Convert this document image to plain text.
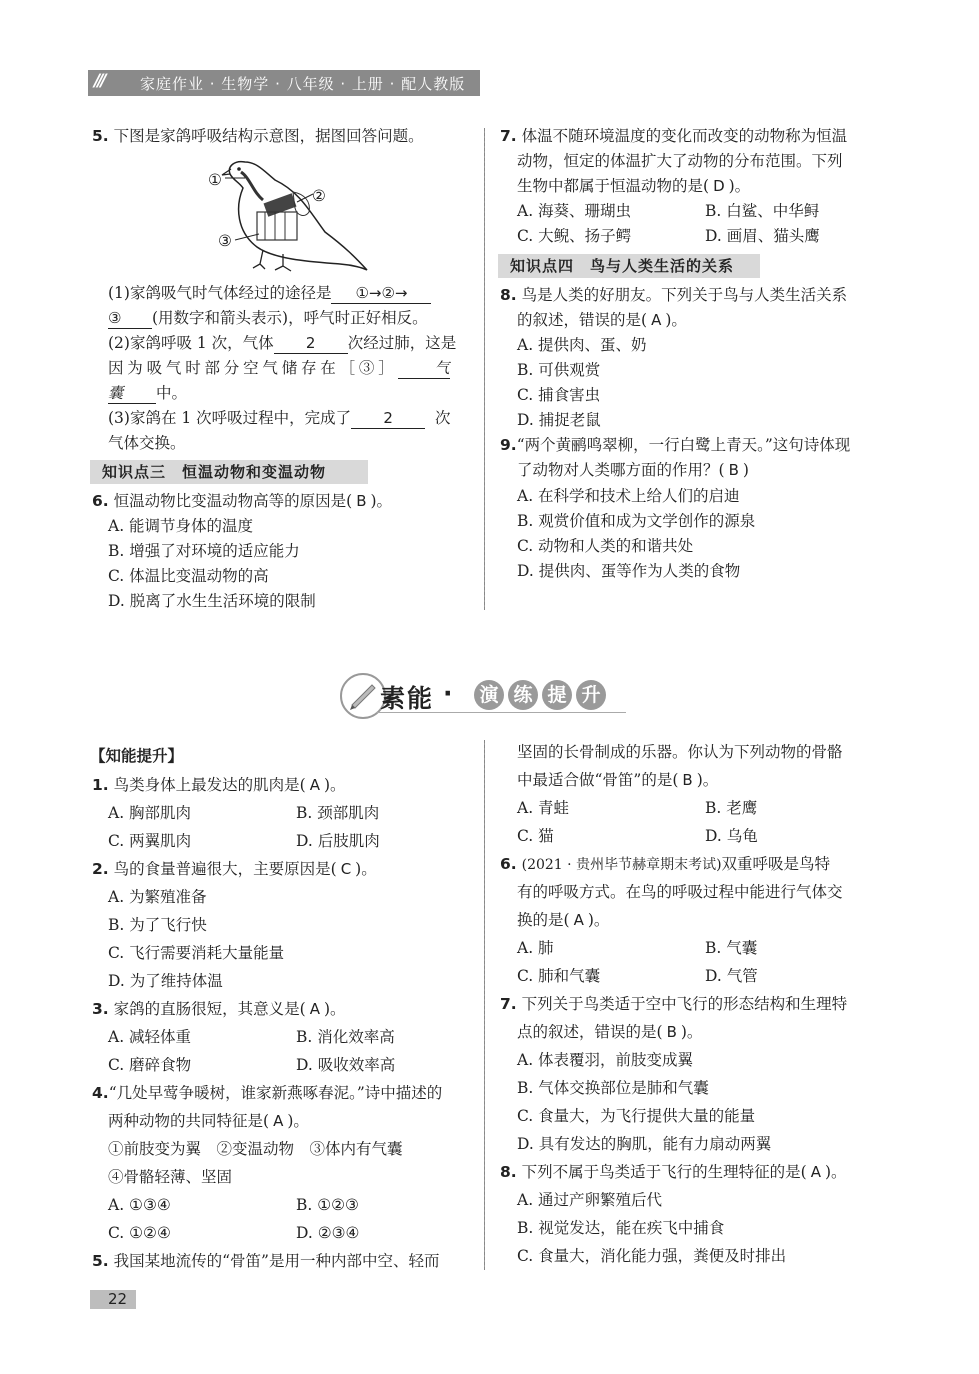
/// 家庭作业 · 生物学 · 八年级 · 上册 · 配人教版
5. 下图是家鸽呼吸结构示意图，据图回答问题。
①
②
③
(1)家鸽吸气时气体经过的途径是 ①→②→
③ (用数字和箭头表示)，呼气时正好相反。
(2)家鸽呼吸 1 次，气体 2 次经过肺，这是
因为吸气时部分空气储存在［③］ 气
囊 中。
(3)家鸽在 1 次呼吸过程中，完成了 2	次
气体交换。
知识点三　恒温动物和变温动物
6. 恒温动物比变温动物高等的原因是( B )。
A. 能调节身体的温度
B. 增强了对环境的适应能力
C. 体温比变温动物的高
D. 脱离了水生生活环境的限制
7. 体温不随环境温度的变化而改变的动物称为恒温
动物，恒定的体温扩大了动物的分布范围。下列
生物中都属于恒温动物的是( D )。
A. 海葵、珊瑚虫	B. 白鲨、中华鲟
C. 大鲵、扬子鳄	D. 画眉、猫头鹰
知识点四　鸟与人类生活的关系
8. 鸟是人类的好朋友。下列关于鸟与人类生活关系
的叙述，错误的是( A )。
A. 提供肉、蛋、奶
B. 可供观赏
C. 捕食害虫
D. 捕捉老鼠
9.“两个黄鹂鸣翠柳，一行白鹭上青天。”这句诗体现
了动物对人类哪方面的作用？( B )
A. 在科学和技术上给人们的启迪
B. 观赏价值和成为文学创作的源泉
C. 动物和人类的和谐共处
D. 提供肉、蛋等作为人类的食物
素能 · 演 练 提 升
【知能提升】
1. 鸟类身体上最发达的肌肉是( A )。
A. 胸部肌肉	B. 颈部肌肉
C. 两翼肌肉	D. 后肢肌肉
2. 鸟的食量普遍很大，主要原因是( C )。
A. 为繁殖准备
B. 为了飞行快
C. 飞行需要消耗大量能量
D. 为了维持体温
3. 家鸽的直肠很短，其意义是( A )。
A. 减轻体重	B. 消化效率高
C. 磨碎食物	D. 吸收效率高
4.“几处早莺争暖树，谁家新燕啄春泥。”诗中描述的
两种动物的共同特征是( A )。
①前肢变为翼　②变温动物　③体内有气囊
④骨骼轻薄、坚固
A. ①③④	B. ①②③
C. ①②④	D. ②③④
5. 我国某地流传的“骨笛”是用一种内部中空、轻而
坚固的长骨制成的乐器。你认为下列动物的骨骼
中最适合做“骨笛”的是( B )。
A. 青蛙	B. 老鹰
C. 猫	D. 乌龟
6. (2021 · 贵州毕节赫章期末考试)双重呼吸是鸟特
有的呼吸方式。在鸟的呼吸过程中能进行气体交
换的是( A )。
A. 肺	B. 气囊
C. 肺和气囊	D. 气管
7. 下列关于鸟类适于空中飞行的形态结构和生理特
点的叙述，错误的是( B )。
A. 体表覆羽，前肢变成翼
B. 气体交换部位是肺和气囊
C. 食量大，为飞行提供大量的能量
D. 具有发达的胸肌，能有力扇动两翼
8. 下列不属于鸟类适于飞行的生理特征的是( A )。
A. 通过产卵繁殖后代
B. 视觉发达，能在疾飞中捕食
C. 食量大，消化能力强，粪便及时排出
22
